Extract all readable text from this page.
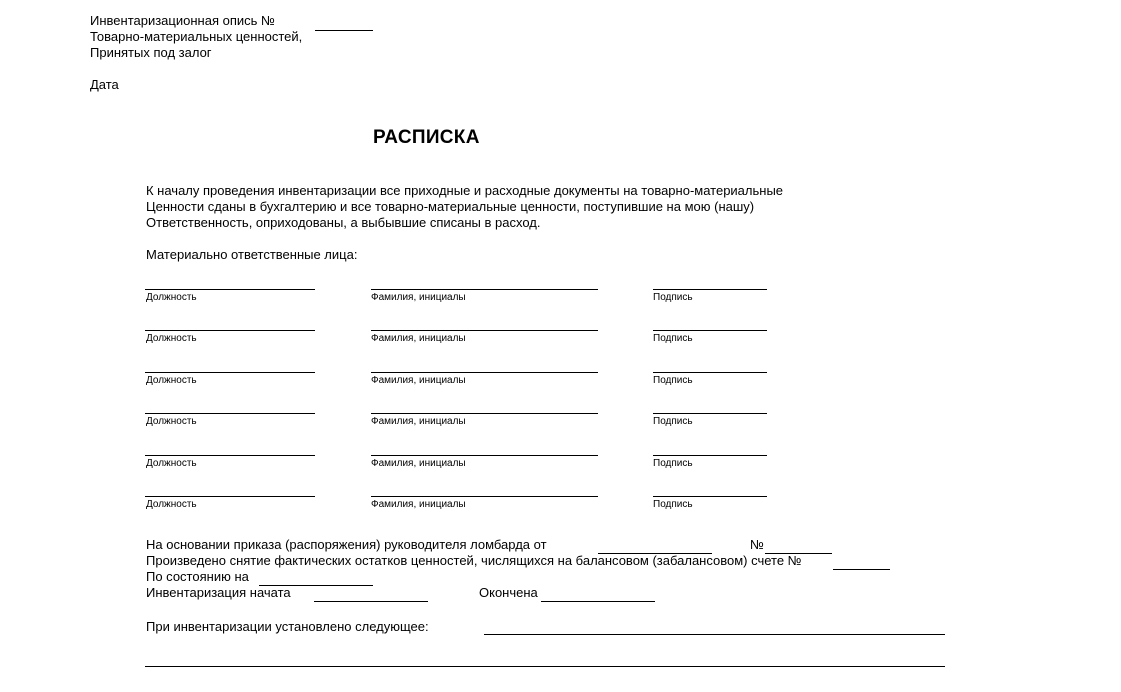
Инвентаризационная опись №
Товарно-материальных ценностей,
Принятых под залог
Дата
РАСПИСКА
К началу проведения инвентаризации все приходные и расходные документы на товарно-материальные
Ценности сданы в бухгалтерию и все товарно-материальные ценности, поступившие на мою (нашу)
Ответственность, оприходованы, а выбывшие списаны в расход.
Материально ответственные лица:
Должность	Фамилия, инициалы	Подпись
Должность	Фамилия, инициалы	Подпись
Должность	Фамилия, инициалы	Подпись
Должность	Фамилия, инициалы	Подпись
Должность	Фамилия, инициалы	Подпись
Должность	Фамилия, инициалы	Подпись
На основании приказа (распоряжения) руководителя ломбарда от	№
Произведено снятие фактических остатков ценностей, числящихся на балансовом (забалансовом) счете №
По состоянию на
Инвентаризация начата	Окончена
При инвентаризации установлено следующее:
